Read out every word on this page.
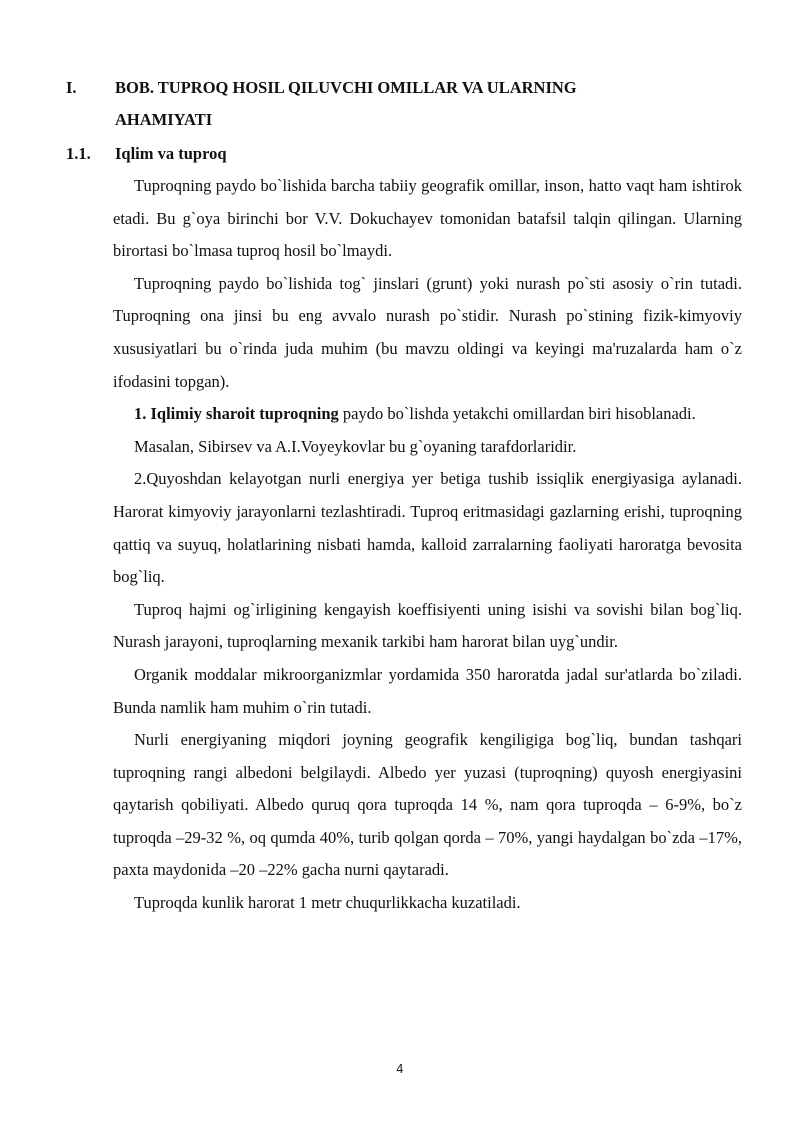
I. BOB. TUPROQ HOSIL QILUVCHI OMILLAR VA ULARNING
AHAMIYATI
1.1. Iqlim va tuproq

Tuproqning paydo bo`lishida barcha tabiiy geografik omillar, inson, hatto vaqt ham ishtirok etadi. Bu g`oya birinchi bor V.V. Dokuchayev tomonidan batafsil talqin qilingan. Ularning birortasi bo`lmasa tuproq hosil bo`lmaydi.

Tuproqning paydo bo`lishida tog` jinslari (grunt) yoki nurash po`sti asosiy o`rin tutadi. Tuproqning ona jinsi bu eng avvalo nurash po`stidir. Nurash po`stining fizik-kimyoviy xususiyatlari bu o`rinda juda muhim (bu mavzu oldingi va keyingi ma'ruzalarda ham o`z ifodasini topgan).

1. Iqlimiy sharoit tuproqning paydo bo`lishda yetakchi omillardan biri hisoblanadi.

Masalan, Sibirsev va A.I.Voyeykovlar bu g`oyaning tarafdorlaridir.

2.Quyoshdan kelayotgan nurli energiya yer betiga tushib issiqlik energiyasiga aylanadi. Harorat kimyoviy jarayonlarni tezlashtiradi. Tuproq eritmasidagi gazlarning erishi, tuproqning qattiq va suyuq, holatlarining nisbati hamda, kalloid zarralarning faoliyati haroratga bevosita bog`liq.

Tuproq hajmi og`irligining kengayish koeffisiyenti uning isishi va sovishi bilan bog`liq. Nurash jarayoni, tuproqlarning mexanik tarkibi ham harorat bilan uyg`undir.

Organik moddalar mikroorganizmlar yordamida 350 haroratda jadal sur'atlarda bo`ziladi. Bunda namlik ham muhim o`rin tutadi.

Nurli energiyaning miqdori joyning geografik kengiligiga bog`liq, bundan tashqari tuproqning rangi albedoni belgilaydi. Albedo yer yuzasi (tuproqning) quyosh energiyasini qaytarish qobiliyati. Albedo quruq qora tuproqda 14 %, nam qora tuproqda – 6-9%, bo`z tuproqda –29-32 %, oq qumda 40%, turib qolgan qorda – 70%, yangi haydalgan bo`zda –17%, paxta maydonida –20 –22% gacha nurni qaytaradi.

Tuproqda kunlik harorat 1 metr chuqurlikkacha kuzatiladi.

4
